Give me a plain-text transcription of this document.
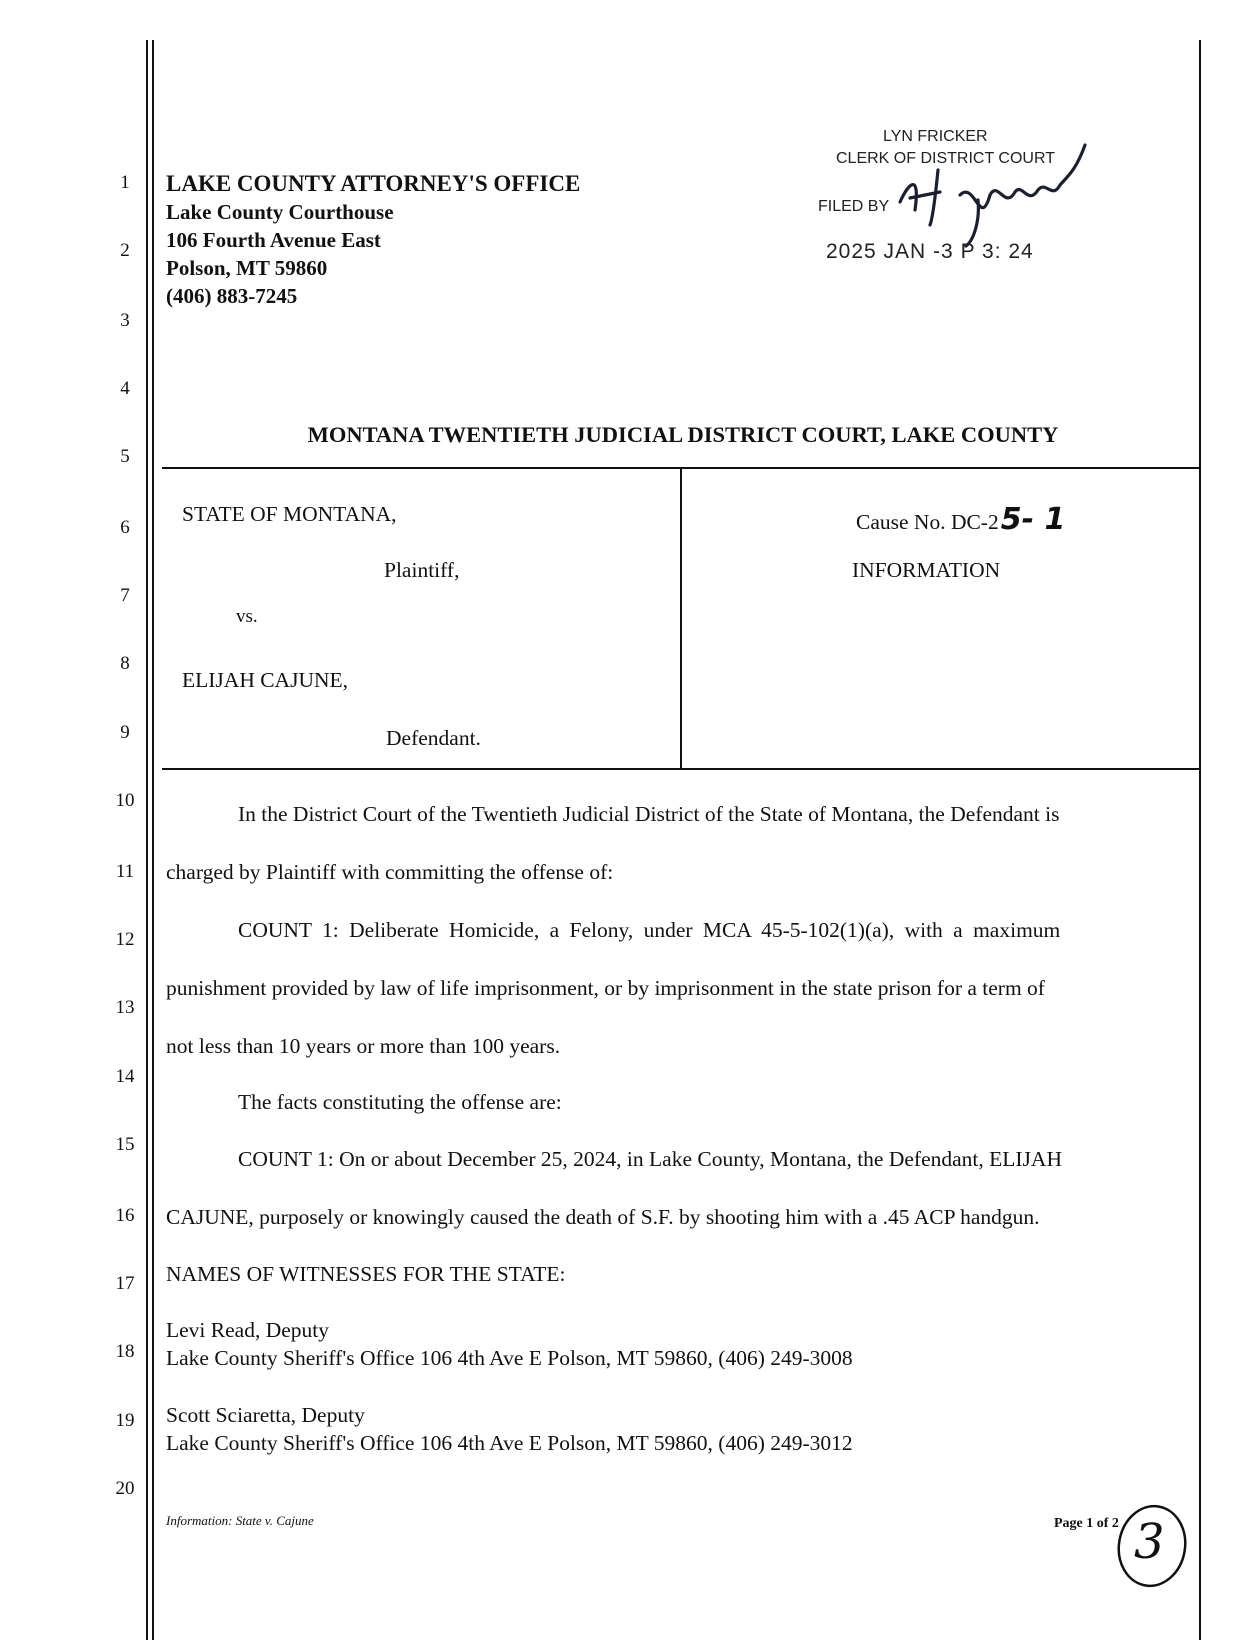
1
2
3
4
5
6
7
8
9
10
11
12
13
14
15
16
17
18
19
20
LAKE COUNTY ATTORNEY'S OFFICE
Lake County Courthouse
106 Fourth Avenue East
Polson, MT 59860
(406) 883-7245
LYN FRICKER
CLERK OF DISTRICT COURT
FILED BY
2025 JAN -3 P 3: 24
MONTANA TWENTIETH JUDICIAL DISTRICT COURT, LAKE COUNTY
STATE OF MONTANA,
Plaintiff,
vs.
ELIJAH CAJUNE,
Defendant.
Cause No. DC-25- 1
INFORMATION
In the District Court of the Twentieth Judicial District of the State of Montana, the Defendant is
charged by Plaintiff with committing the offense of:
COUNT 1: Deliberate Homicide, a Felony, under MCA 45-5-102(1)(a), with a maximum
punishment provided by law of life imprisonment, or by imprisonment in the state prison for a term of
not less than 10 years or more than 100 years.
The facts constituting the offense are:
COUNT 1: On or about December 25, 2024, in Lake County, Montana, the Defendant, ELIJAH
CAJUNE, purposely or knowingly caused the death of S.F. by shooting him with a .45 ACP handgun.
NAMES OF WITNESSES FOR THE STATE:
Levi Read, Deputy
Lake County Sheriff's Office 106 4th Ave E Polson, MT 59860, (406) 249-3008
Scott Sciaretta, Deputy
Lake County Sheriff's Office 106 4th Ave E Polson, MT 59860, (406) 249-3012
Information: State v. Cajune	Page 1 of 2 3
